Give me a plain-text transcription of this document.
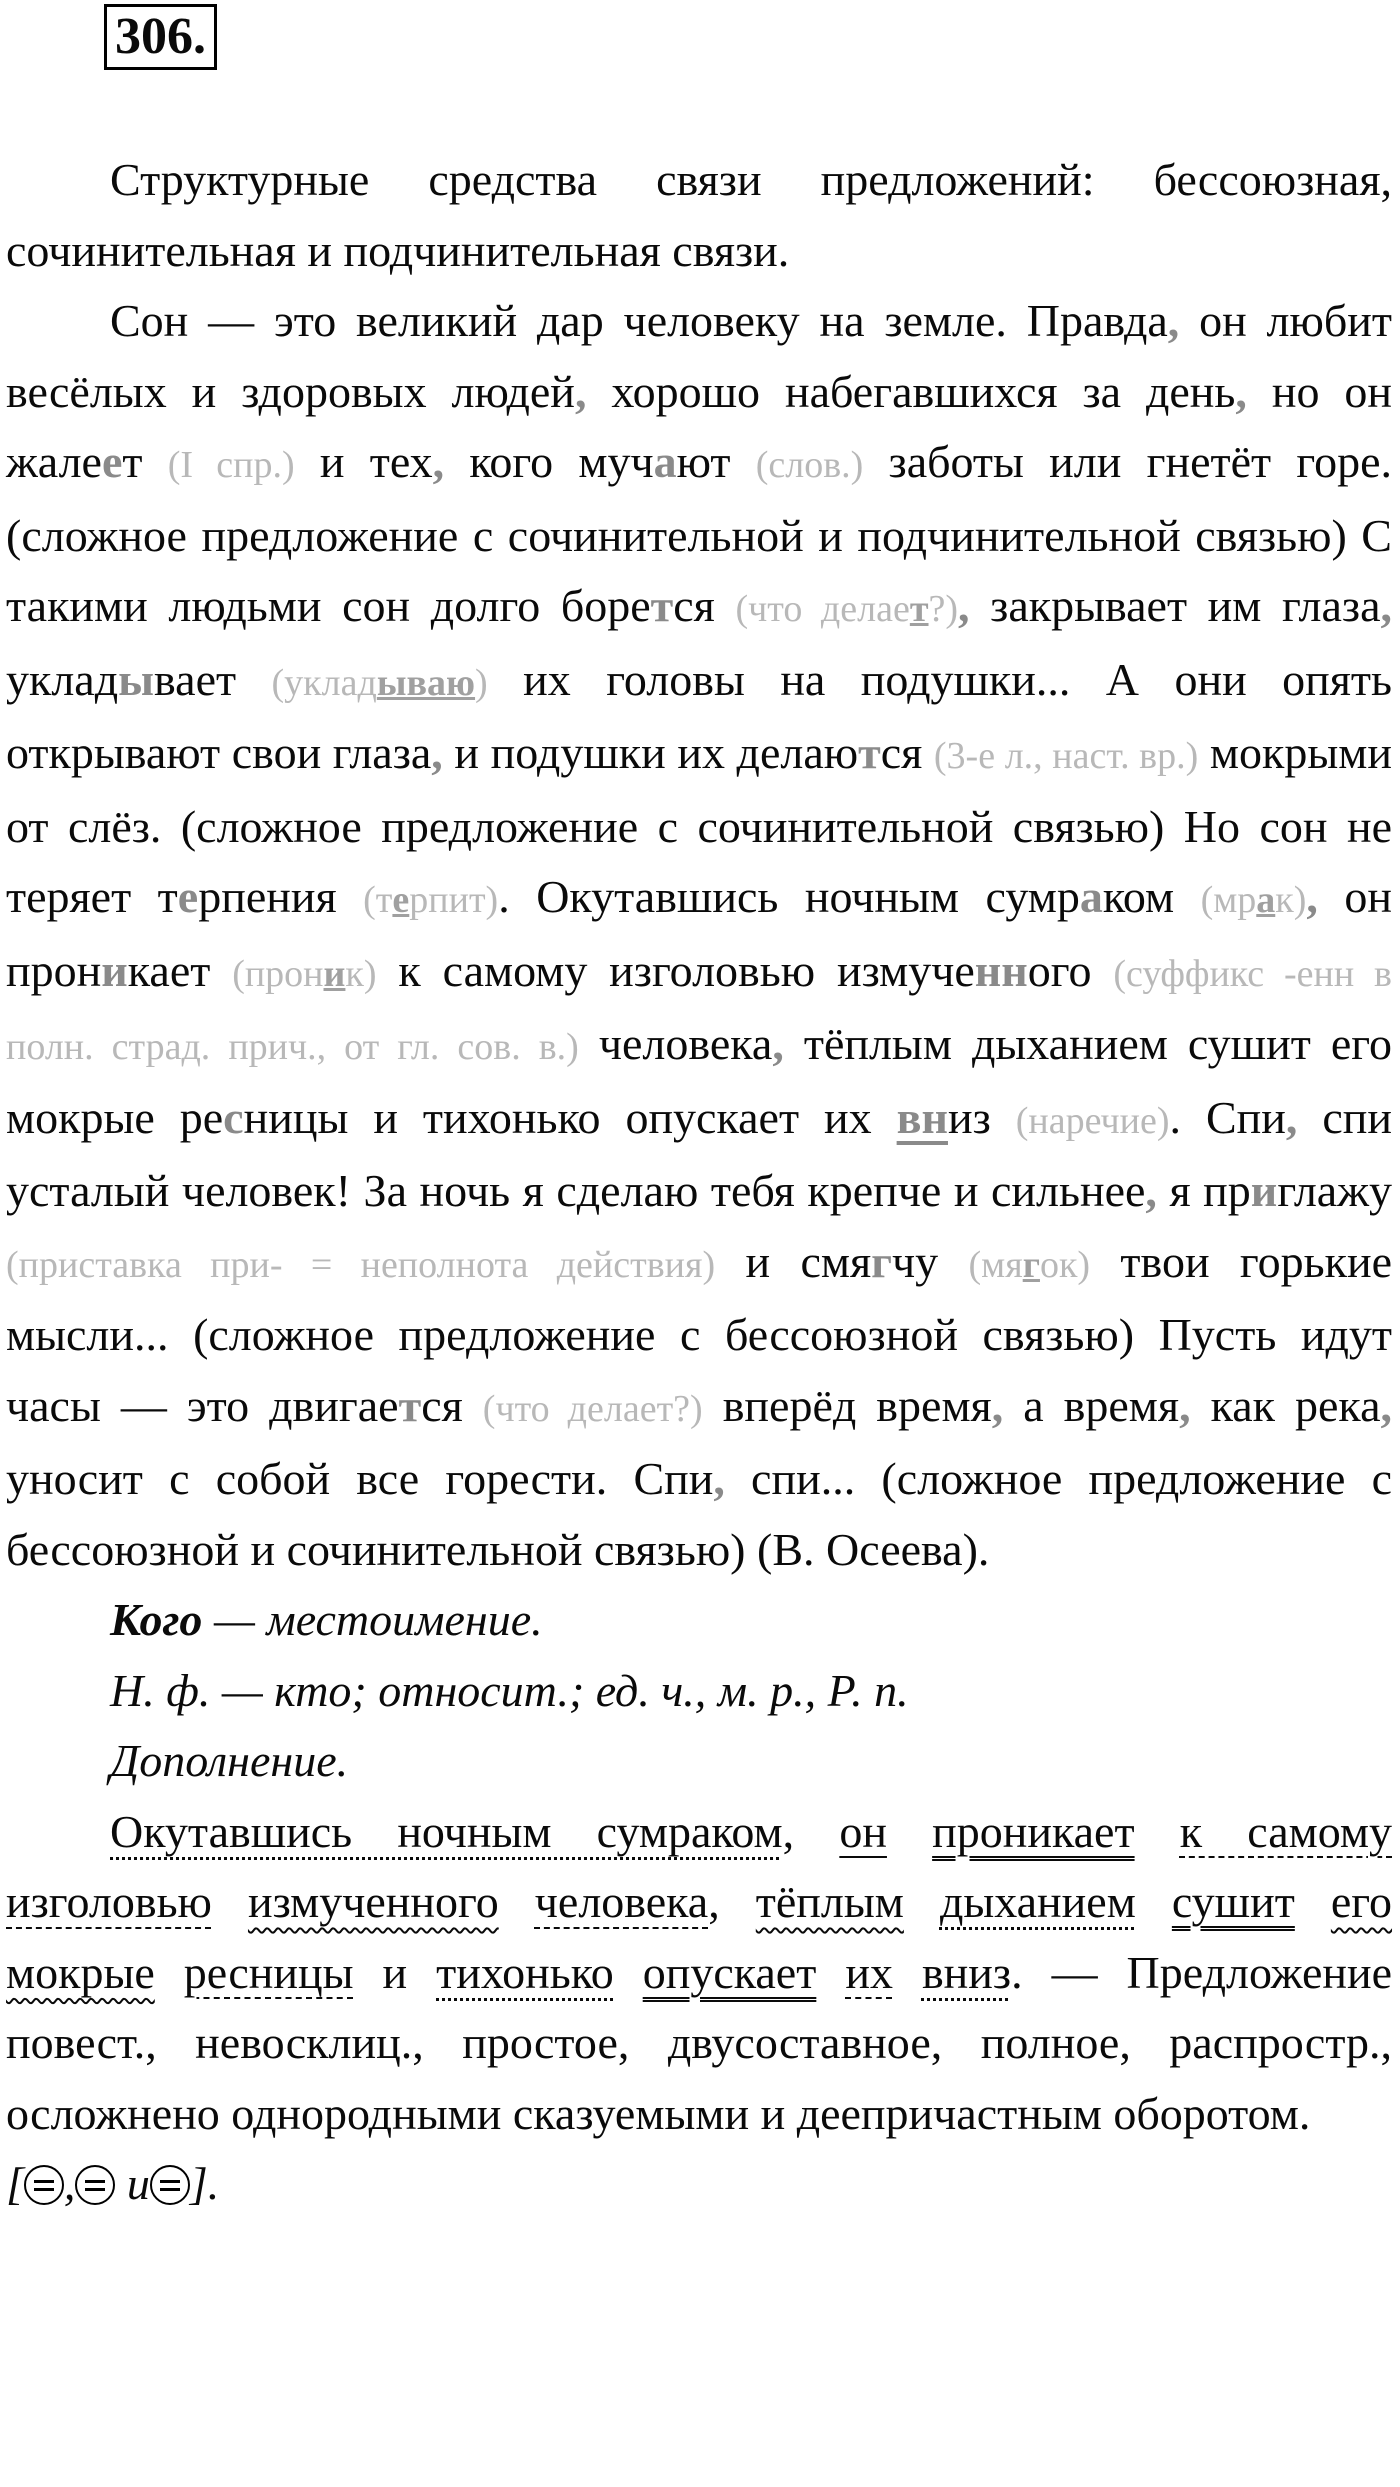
306.

Структурные средства связи предложений: бессоюзная, сочинительная и подчинительная связи.

Сон — это великий дар человеку на земле. Правда, он любит весёлых и здоровых людей, хорошо набегавшихся за день, но он жалеет (I спр.) и тех, кого мучают (слов.) заботы или гнетёт горе. (сложное предложение с сочинительной и подчинительной связью) С такими людьми сон долго борется (что делает?), закрывает им глаза, укладывает (укладываю) их головы на подушки... А они опять открывают свои глаза, и подушки их делаются (3-е л., наст. вр.) мокрыми от слёз. (сложное предложение с сочинительной связью) Но сон не теряет терпения (терпит). Окутавшись ночным сумраком (мрак), он проникает (проник) к самому изголовью измученного (суффикс -енн в полн. страд. прич., от гл. сов. в.) человека, тёплым дыханием сушит его мокрые ресницы и тихонько опускает их вниз (наречие). Спи, спи усталый человек! За ночь я сделаю тебя крепче и сильнее, я приглажу (приставка при- = неполнота действия) и смягчу (мягок) твои горькие мысли... (сложное предложение с бессоюзной связью) Пусть идут часы — это двигается (что делает?) вперёд время, а время, как река, уносит с собой все горести. Спи, спи... (сложное предложение с бессоюзной и сочинительной связью) (В. Осеева).

Кого — местоимение.

Н. ф. — кто; относит.; ед. ч., м. р., Р. п.

Дополнение.

Окутавшись ночным сумраком, он проникает к самому изголовью измученного человека, тёплым дыханием сушит его мокрые ресницы и тихонько опускает их вниз. — Предложение повест., невосклиц., простое, двусоставное, полное, распростр., осложнено однородными сказуемыми и деепричастным оборотом.

[ , и ].
